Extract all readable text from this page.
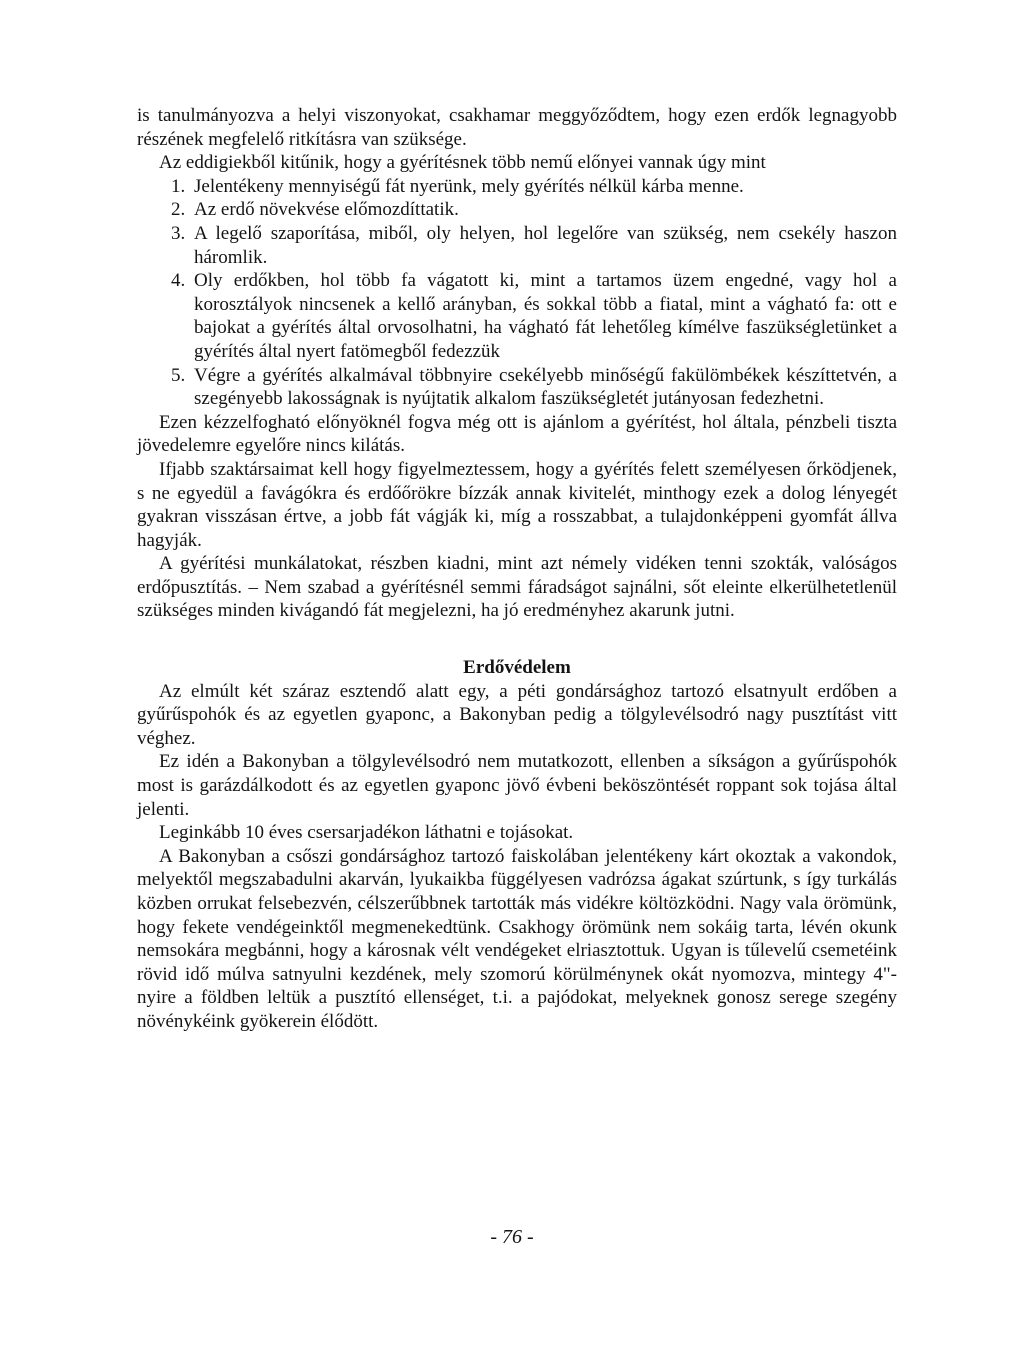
is tanulmányozva a helyi viszonyokat, csakhamar meggyőződtem, hogy ezen erdők legnagyobb részének megfelelő ritkításra van szüksége.

Az eddigiekből kitűnik, hogy a gyérítésnek több nemű előnyei vannak úgy mint

1. Jelentékeny mennyiségű fát nyerünk, mely gyérítés nélkül kárba menne.
2. Az erdő növekvése előmozdíttatik.
3. A legelő szaporítása, miből, oly helyen, hol legelőre van szükség, nem csekély haszon háromlik.
4. Oly erdőkben, hol több fa vágatott ki, mint a tartamos üzem engedné, vagy hol a korosztályok nincsenek a kellő arányban, és sokkal több a fiatal, mint a vágható fa: ott e bajokat a gyérítés által orvosolhatni, ha vágható fát lehetőleg kímélve faszükségletünket a gyérítés által nyert fatömegből fedezzük
5. Végre a gyérítés alkalmával többnyire csekélyebb minőségű fakülömbékek készíttetvén, a szegényebb lakosságnak is nyújtatik alkalom faszükségletét jutányosan fedezhetni.

Ezen kézzelfogható előnyöknél fogva még ott is ajánlom a gyérítést, hol általa, pénzbeli tiszta jövedelemre egyelőre nincs kilátás.

Ifjabb szaktársaimat kell hogy figyelmeztessem, hogy a gyérítés felett személyesen őrködjenek, s ne egyedül a favágókra és erdőőrökre bízzák annak kivitelét, minthogy ezek a dolog lényegét gyakran visszásan értve, a jobb fát vágják ki, míg a rosszabbat, a tulajdonképpeni gyomfát állva hagyják.

A gyérítési munkálatokat, részben kiadni, mint azt némely vidéken tenni szokták, valóságos erdőpusztítás. – Nem szabad a gyérítésnél semmi fáradságot sajnálni, sőt eleinte elkerülhetetlenül szükséges minden kivágandó fát megjelezni, ha jó eredményhez akarunk jutni.

Erdővédelem

Az elmúlt két száraz esztendő alatt egy, a péti gondársághoz tartozó elsatnyult erdőben a gyűrűspohók és az egyetlen gyaponc, a Bakonyban pedig a tölgylevélsodró nagy pusztítást vitt véghez.

Ez idén a Bakonyban a tölgylevélsodró nem mutatkozott, ellenben a síkságon a gyűrűspohók most is garázdálkodott és az egyetlen gyaponc jövő évbeni beköszöntését roppant sok tojása által jelenti.

Leginkább 10 éves csersarjadékon láthatni e tojásokat.

A Bakonyban a csőszi gondársághoz tartozó faiskolában jelentékeny kárt okoztak a vakondok, melyektől megszabadulni akarván, lyukaikba függélyesen vadrózsa ágakat szúrtunk, s így turkálás közben orrukat felsebezvén, célszerűbbnek tartották más vidékre költözködni. Nagy vala örömünk, hogy fekete vendégeinktől megmenekedtünk. Csakhogy örömünk nem sokáig tarta, lévén okunk nemsokára megbánni, hogy a károsnak vélt vendégeket elriasztottuk. Ugyan is tűlevelű csemetéink rövid idő múlva satnyulni kezdének, mely szomorú körülménynek okát nyomozva, mintegy 4"-nyire a földben leltük a pusztító ellenséget, t.i. a pajódokat, melyeknek gonosz serege szegény növénykéink gyökerein élődött.

- 76 -
